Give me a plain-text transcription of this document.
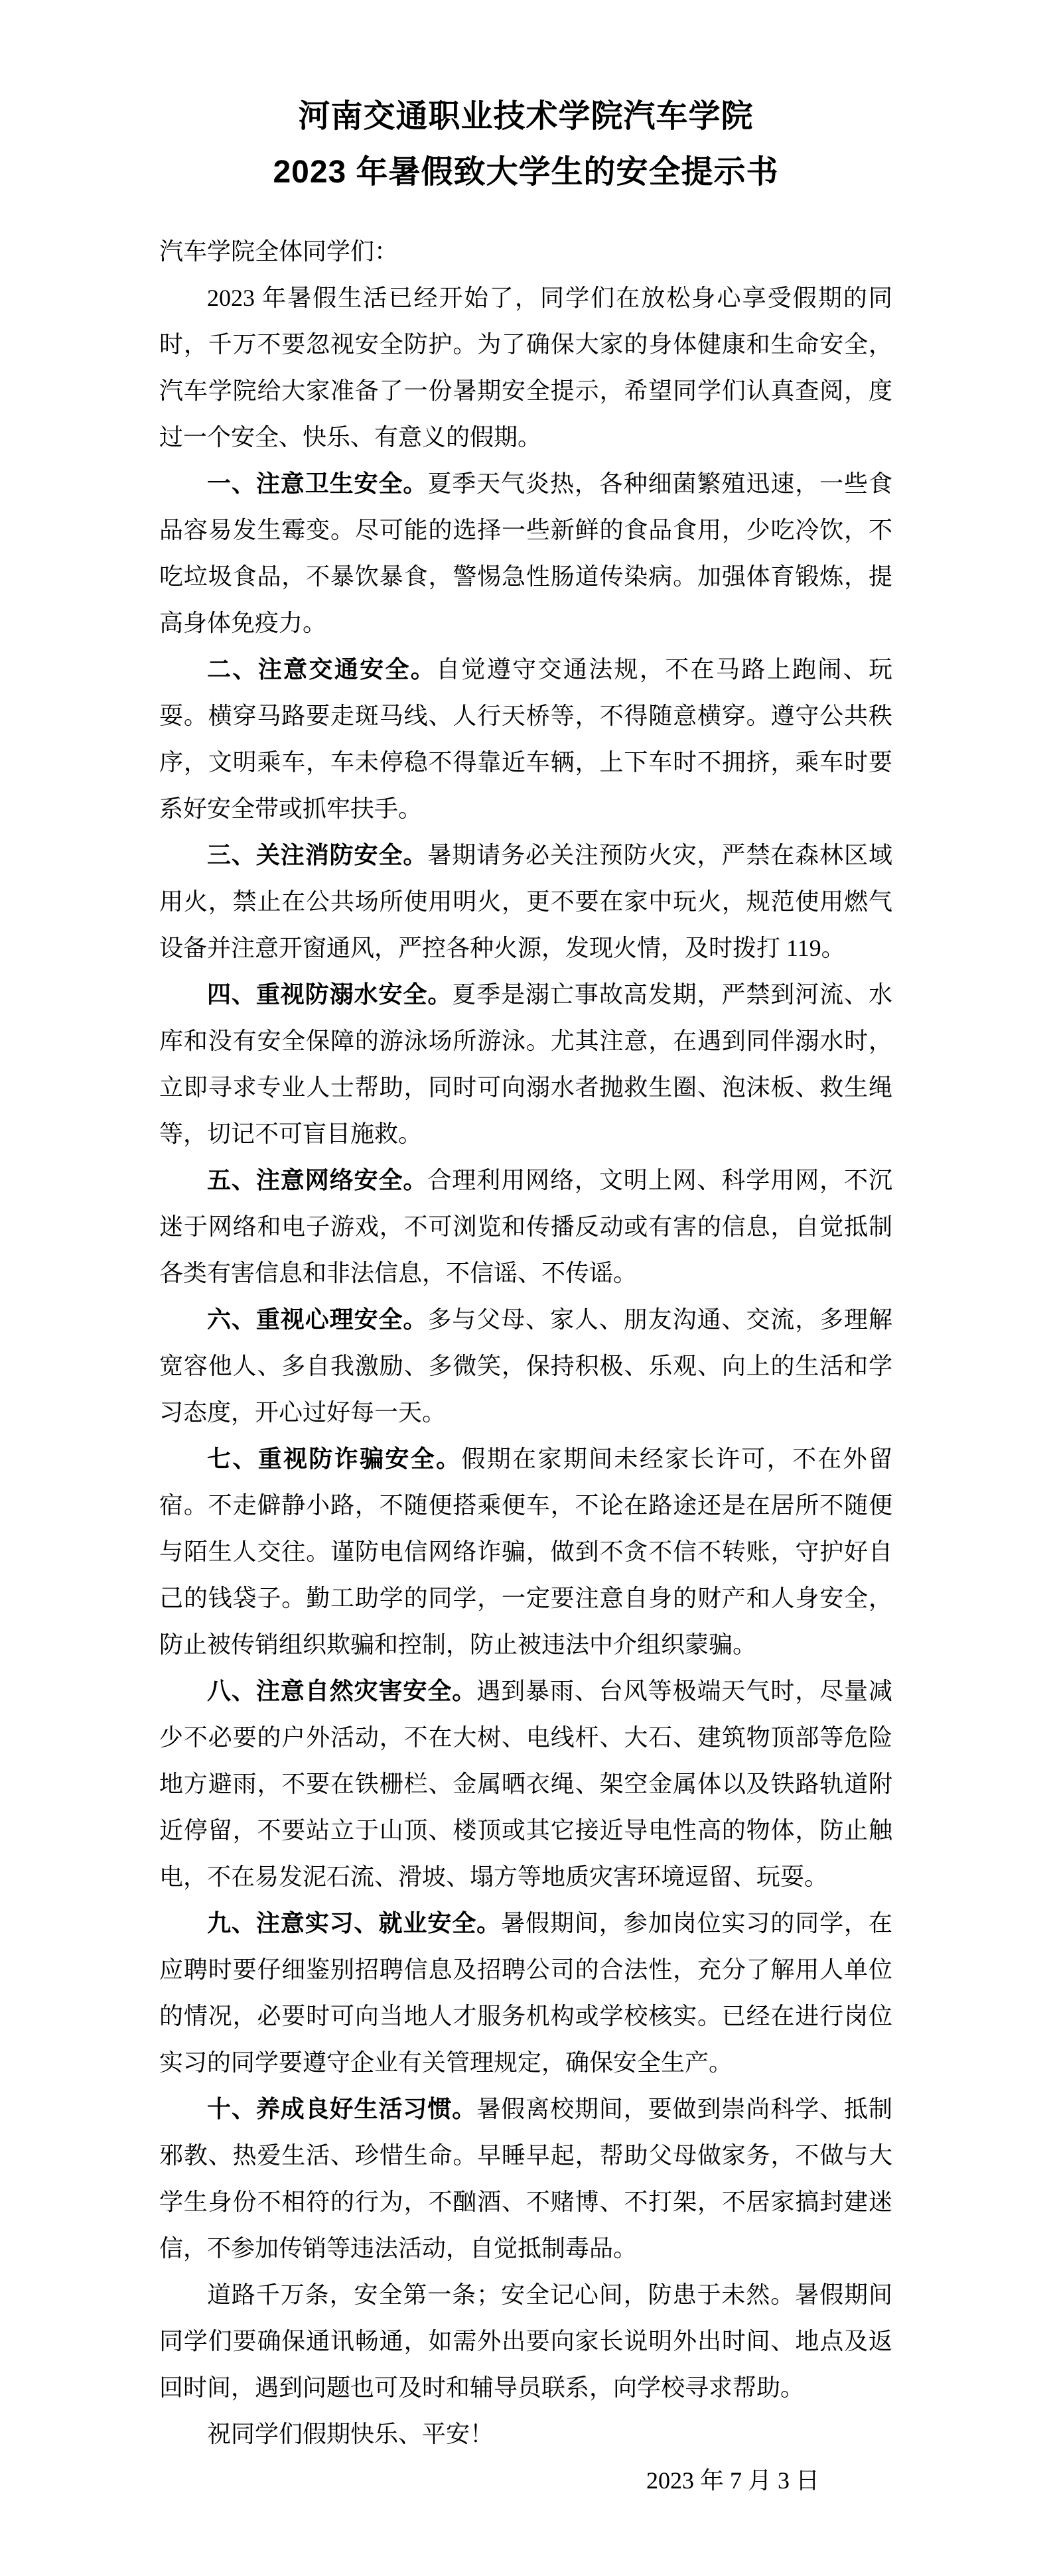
河南交通职业技术学院汽车学院
2023 年暑假致大学生的安全提示书

汽车学院全体同学们：

2023 年暑假生活已经开始了，同学们在放松身心享受假期的同时，千万不要忽视安全防护。为了确保大家的身体健康和生命安全，汽车学院给大家准备了一份暑期安全提示，希望同学们认真查阅，度过一个安全、快乐、有意义的假期。

一、注意卫生安全。夏季天气炎热，各种细菌繁殖迅速，一些食品容易发生霉变。尽可能的选择一些新鲜的食品食用，少吃冷饮，不吃垃圾食品，不暴饮暴食，警惕急性肠道传染病。加强体育锻炼，提高身体免疫力。

二、注意交通安全。自觉遵守交通法规，不在马路上跑闹、玩耍。横穿马路要走斑马线、人行天桥等，不得随意横穿。遵守公共秩序，文明乘车，车未停稳不得靠近车辆，上下车时不拥挤，乘车时要系好安全带或抓牢扶手。

三、关注消防安全。暑期请务必关注预防火灾，严禁在森林区域用火，禁止在公共场所使用明火，更不要在家中玩火，规范使用燃气设备并注意开窗通风，严控各种火源，发现火情，及时拨打 119。

四、重视防溺水安全。夏季是溺亡事故高发期，严禁到河流、水库和没有安全保障的游泳场所游泳。尤其注意，在遇到同伴溺水时，立即寻求专业人士帮助，同时可向溺水者抛救生圈、泡沫板、救生绳等，切记不可盲目施救。

五、注意网络安全。合理利用网络，文明上网、科学用网，不沉迷于网络和电子游戏，不可浏览和传播反动或有害的信息，自觉抵制各类有害信息和非法信息，不信谣、不传谣。

六、重视心理安全。多与父母、家人、朋友沟通、交流，多理解宽容他人、多自我激励、多微笑，保持积极、乐观、向上的生活和学习态度，开心过好每一天。

七、重视防诈骗安全。假期在家期间未经家长许可，不在外留宿。不走僻静小路，不随便搭乘便车，不论在路途还是在居所不随便与陌生人交往。谨防电信网络诈骗，做到不贪不信不转账，守护好自己的钱袋子。勤工助学的同学，一定要注意自身的财产和人身安全，防止被传销组织欺骗和控制，防止被违法中介组织蒙骗。

八、注意自然灾害安全。遇到暴雨、台风等极端天气时，尽量减少不必要的户外活动，不在大树、电线杆、大石、建筑物顶部等危险地方避雨，不要在铁栅栏、金属晒衣绳、架空金属体以及铁路轨道附近停留，不要站立于山顶、楼顶或其它接近导电性高的物体，防止触电，不在易发泥石流、滑坡、塌方等地质灾害环境逗留、玩耍。

九、注意实习、就业安全。暑假期间，参加岗位实习的同学，在应聘时要仔细鉴别招聘信息及招聘公司的合法性，充分了解用人单位的情况，必要时可向当地人才服务机构或学校核实。已经在进行岗位实习的同学要遵守企业有关管理规定，确保安全生产。

十、养成良好生活习惯。暑假离校期间，要做到崇尚科学、抵制邪教、热爱生活、珍惜生命。早睡早起，帮助父母做家务，不做与大学生身份不相符的行为，不酗酒、不赌博、不打架，不居家搞封建迷信，不参加传销等违法活动，自觉抵制毒品。

道路千万条，安全第一条；安全记心间，防患于未然。暑假期间同学们要确保通讯畅通，如需外出要向家长说明外出时间、地点及返回时间，遇到问题也可及时和辅导员联系，向学校寻求帮助。

祝同学们假期快乐、平安！

2023 年 7 月 3 日
